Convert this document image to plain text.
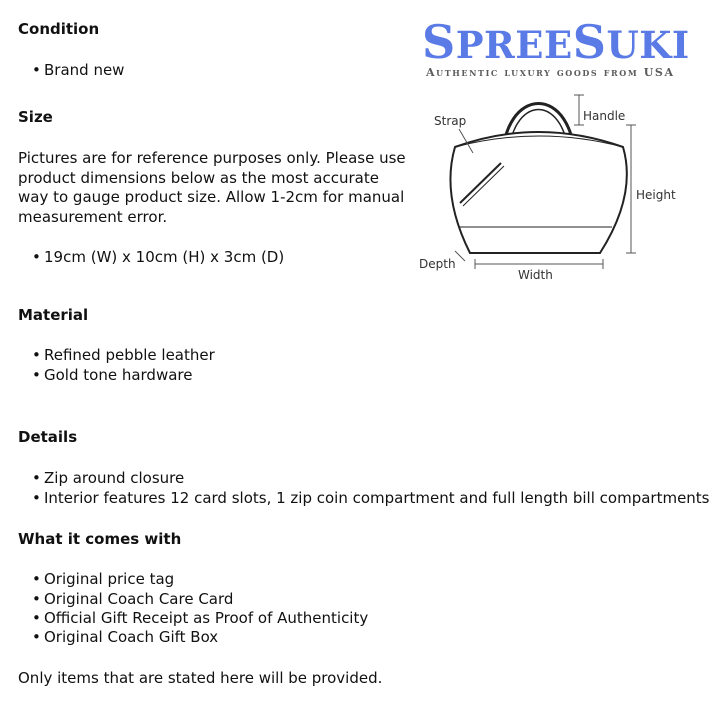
SPREESUKI
Authentic luxury goods from USA
Strap	Handle
Height
Depth
Width
Condition
• Brand new
Size

Pictures are for reference purposes only. Please use product dimensions below as the most accurate way to gauge product size. Allow 1-2cm for manual measurement error.

• 19cm (W) x 10cm (H) x 3cm (D)
Material
• Refined pebble leather
• Gold tone hardware
Details
• Zip around closure
• Interior features 12 card slots, 1 zip coin compartment and full length bill compartments
What it comes with
• Original price tag
• Original Coach Care Card
• Official Gift Receipt as Proof of Authenticity
• Original Coach Gift Box

Only items that are stated here will be provided.
